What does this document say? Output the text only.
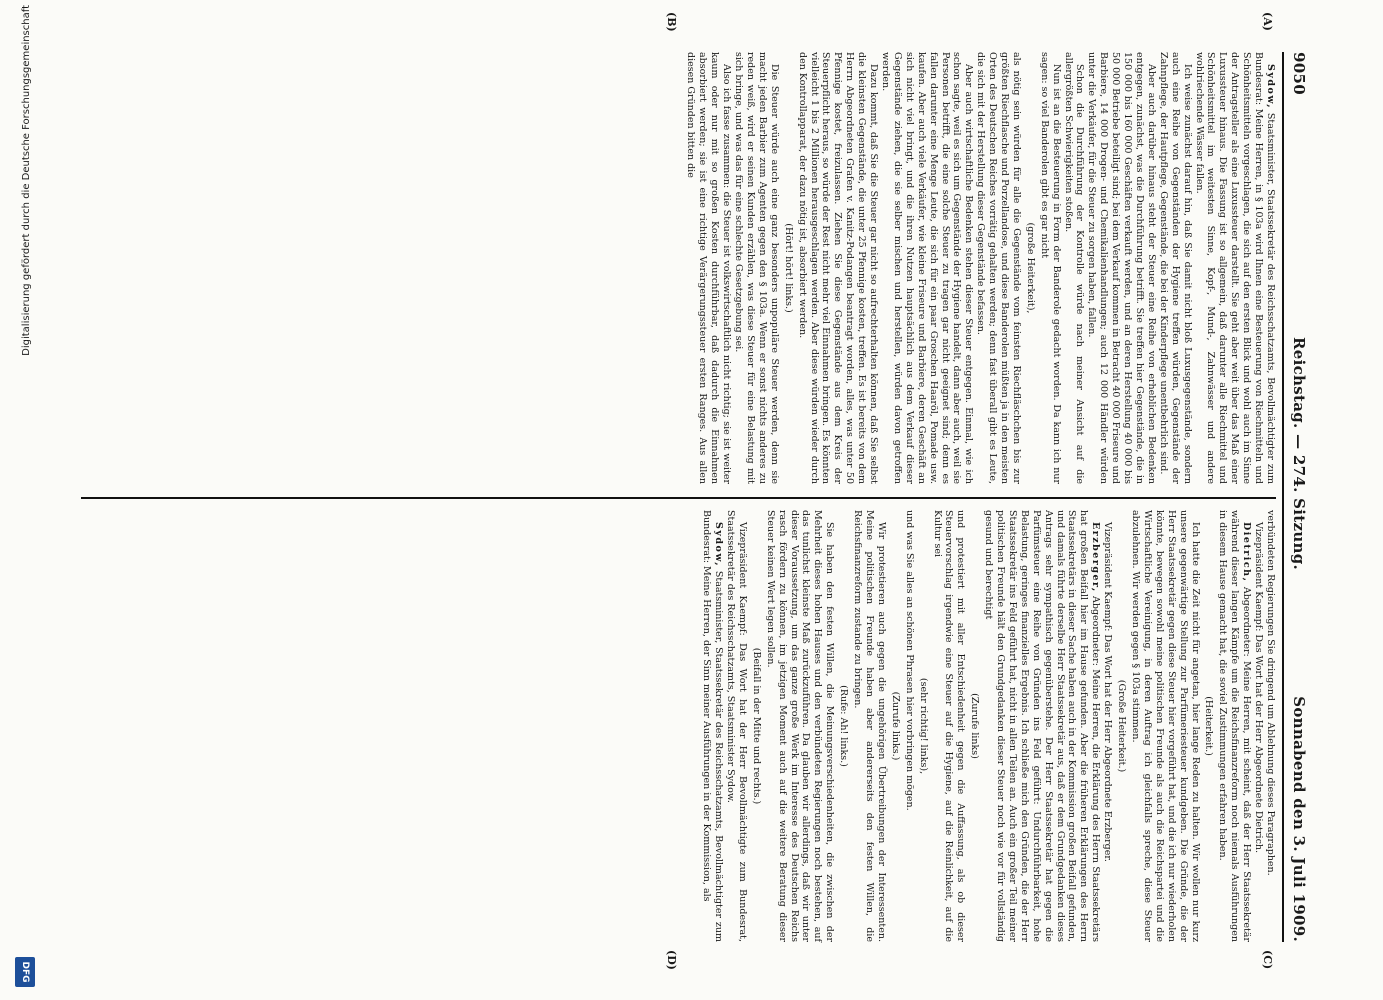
9050
Reichstag. — 274. Sitzung.
Sonnabend den 3. Juli 1909.

Sydow, Staatsminister, Staatssekretär des Reichsschatzamts, Bevollmächtigter zum Bundesrat: Meine Herren, in § 103a wird Ihnen eine Besteuerung von Riechmitteln und Schönheitsmitteln vorgeschlagen, die sich auf den ersten Blick und wohl auch im Sinne der Antragsteller als eine Luxussteuer darstellt. Sie geht aber weit über das Maß einer Luxussteuer hinaus. Die Fassung ist so allgemein, daß darunter alle Riechmittel und Schönheitsmittel im weitesten Sinne, Kopf-, Mund-, Zahnwässer und andere wohlriechende Wässer fallen.

Ich weise zunächst darauf hin, daß Sie damit nicht bloß Luxusgegenstände, sondern auch eine Reihe von Gegenständen der Hygiene treffen würden, Gegenstände der Zahnpflege, der Hautpflege, Gegenstände, die bei der Kinderpflege unentbehrlich sind.

Aber auch darüber hinaus steht der Steuer eine Reihe von erheblichen Bedenken entgegen, zunächst, was die Durchführung betrifft. Sie treffen hier Gegenstände, die in 150 000 bis 160 000 Geschäften verkauft werden, und an deren Herstellung 40 000 bis 50 000 Betriebe beteiligt sind; bei dem Verkauf kommen in Betracht 40 000 Friseure und Barbiere, 14 000 Drogen- und Chemikalienhandlungen; auch 12 000 Händler würden unter die Verkäufer, für die Steuer zu sorgen haben, fallen.

Schon die Durchführung der Kontrolle würde nach meiner Ansicht auf die allergrößten Schwierigkeiten stoßen.

Nun ist an die Besteuerung in Form der Banderole gedacht worden. Da kann ich nur sagen: so viel Banderolen gibt es gar nicht

(große Heiterkeit),

als nötig sein würden für alle die Gegenstände vom feinsten Riechfläschchen bis zur größten Riechflasche und Porzellandose, und diese Banderolen müßten ja in den meisten Orten des Deutschen Reiches vorrätig gehalten werden; denn fast überall gibt es Leute, die sich mit der Herstellung dieser Gegenstände befassen.

Aber auch wirtschaftliche Bedenken stehen dieser Steuer entgegen. Einmal, wie ich schon sagte, weil es sich um Gegenstände der Hygiene handelt, dann aber auch, weil sie Personen betrifft, die eine solche Steuer zu tragen gar nicht geeignet sind; denn es fallen darunter eine Menge Leute, die sich für ein paar Groschen Haaröl, Pomade usw. kaufen. Aber auch viele Verkäufer, wie kleine Friseure und Barbiere, deren Geschäft an sich nicht viel bringt, und die ihren Nutzen hauptsächlich aus dem Verkauf dieser Gegenstände ziehen, die sie selber mischen und herstellen, würden davon getroffen werden.

Dazu kommt, daß Sie die Steuer gar nicht so aufrechterhalten können, daß Sie selbst die kleinsten Gegenstände, die unter 25 Pfennige kosten, treffen. Es ist bereits von dem Herrn Abgeordneten Grafen v. Kanitz-Podangen beantragt worden, alles, was unter 50 Pfennige kostet, freizulassen. Ziehen Sie diese Gegenstände aus dem Kreis der Steuerpflicht heraus, so würde der Rest nicht mehr viel Einnahmen bringen. Es könnten vielleicht 1 bis 2 Millionen herausgeschlagen werden. Aber diese würden wieder durch den Kontrollapparat, der dazu nötig ist, absorbiert werden.

(Hört! hört! links.)

Die Steuer würde auch eine ganz besonders unpopuläre Steuer werden, denn sie macht jeden Barbier zum Agenten gegen den § 103a. Wenn er sonst nichts anderes zu reden weiß, wird er seinen Kunden erzählen, was diese Steuer für eine Belastung mit sich bringe, und was das für eine schlechte Gesetzgebung sei.

Also ich fasse zusammen: die Steuer ist volkswirtschaftlich nicht richtig; sie ist weiter kaum oder nur mit so großen Kosten durchführbar, daß dadurch die Einnahmen absorbiert werden; sie ist eine richtige Verärgerungssteuer ersten Ranges. Aus allen diesen Gründen bitten die

verbündeten Regierungen Sie dringend um Ablehnung dieses Paragraphen.

Vizepräsident Kaempf: Das Wort hat der Herr Abgeordnete Dietrich.

Dietrich, Abgeordneter: Meine Herren, mit scheint, daß der Herr Staatssekretär während dieser langen Kämpfe um die Reichsfinanzreform noch niemals Ausführungen in diesem Hause gemacht hat, die soviel Zustimmungen erfahren haben.

(Heiterkeit.)

Ich hatte die Zeit nicht für angetan, hier lange Reden zu halten. Wir wollen nur kurz unsere gegenwärtige Stellung zur Parfümeriesteuer kundgeben. Die Gründe, die der Herr Staatssekretär gegen diese Steuer hier vorgeführt hat, und die ich nur wiederholen könnte, bewegen sowohl meine politischen Freunde als auch die Reichspartei und die Wirtschaftliche Vereinigung, in deren Auftrag ich gleichfalls spreche, diese Steuer abzulehnen. Wir werden gegen § 103a stimmen.

(Große Heiterkeit.)

Vizepräsident Kaempf: Das Wort hat der Herr Abgeordnete Erzberger.

Erzberger, Abgeordneter: Meine Herren, die Erklärung des Herrn Staatssekretärs hat großen Beifall hier im Hause gefunden. Aber die früheren Erklärungen des Herrn Staatssekretärs in dieser Sache haben auch in der Kommission großen Beifall gefunden, und damals führte derselbe Herr Staatssekretär aus, daß er dem Grundgedanken dieses Antrags sehr sympathisch gegenüberstehe. Der Herr Staatssekretär hat gegen die Parfümsteuer eine Reihe von Gründen ins Feld geführt: Undurchführbarkeit, hohe Belastung, geringes finanzielles Ergebnis. Ich schließe mich den Gründen, die der Herr Staatssekretär ins Feld geführt hat, nicht in allen Teilen an. Auch ein großer Teil meiner politischen Freunde hält den Grundgedanken dieser Steuer noch wie vor für vollständig gesund und berechtigt

(Zurufe links)

und protestiert mit aller Entschiedenheit gegen die Auffassung, als ob dieser Steuervorschlag irgendwie eine Steuer auf die Hygiene, auf die Reinlichkeit, auf die Kultur sei

(sehr richtig! links),

und was Sie alles an schönen Phrasen hier vorbringen mögen.

(Zurufe links.)

Wir protestieren auch gegen die ungehörigen Übertreibungen der Interessenten. Meine politischen Freunde haben aber andererseits den festen Willen, die Reichsfinanzreform zustande zu bringen.

(Rufe: Ah! links.)

Sie haben den festen Willen, die Meinungsverschiedenheiten, die zwischen der Mehrheit dieses hohen Hauses und den verbündeten Regierungen noch bestehen, auf das tunlichst kleinste Maß zurückzuführen. Da glauben wir allerdings, daß wir unter dieser Voraussetzung, um das ganze große Werk im Interesse des Deutschen Reichs rasch fördern zu können, im jetzigen Moment auch auf die weitere Beratung dieser Steuer keinen Wert legen sollen.

(Beifall in der Mitte und rechts.)

Vizepräsident Kaempf: Das Wort hat der Herr Bevollmächtigte zum Bundesrat, Staatssekretär des Reichsschatzamts, Staatsminister Sydow.

Sydow, Staatsminister, Staatssekretär des Reichsschatzamts, Bevollmächtigter zum Bundesrat: Meine Herren, der Sinn meiner Ausführungen in der Kommission, als

(A)
(B)
(C)
(D)
Digitalisierung gefördert durch die Deutsche Forschungsgemeinschaft
DFG
